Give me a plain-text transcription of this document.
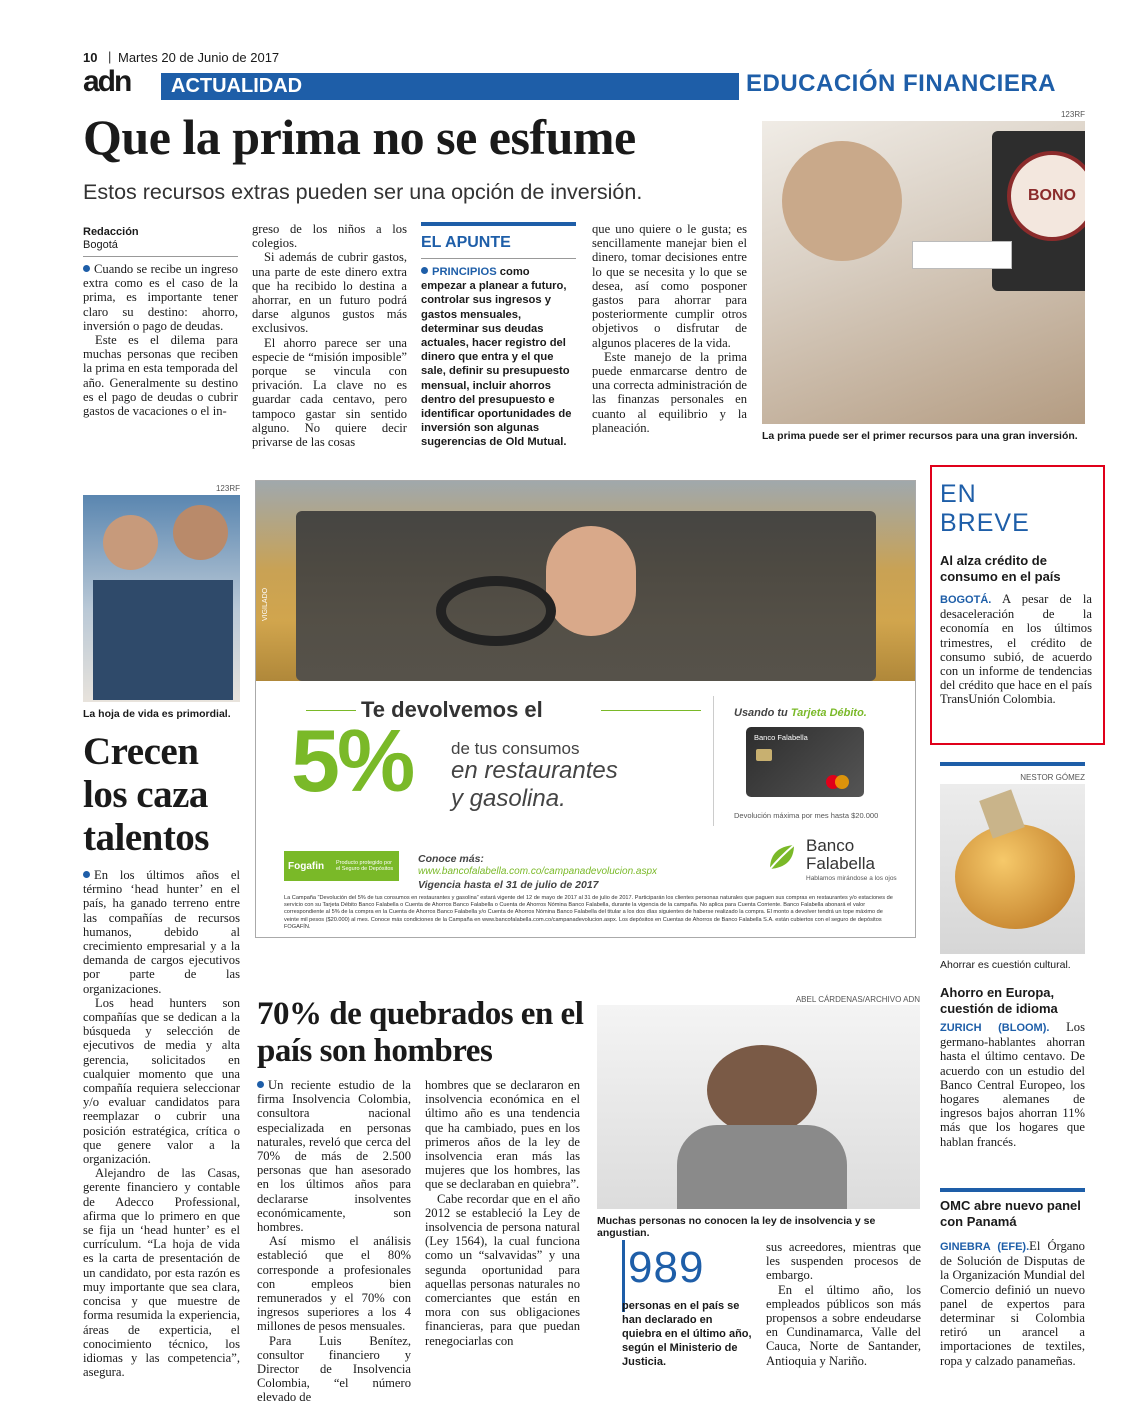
10 | Martes 20 de Junio de 2017
adn	ACTUALIDAD	EDUCACIÓN FINANCIERA
Que la prima no se esfume
Estos recursos extras pueden ser una opción de inversión.
Redacción
Bogotá

Cuando se recibe un ingreso extra como es el caso de la prima, es importante tener claro su destino: ahorro, inversión o pago de deudas.

Este es el dilema para muchas personas que reciben la prima en esta temporada del año. Generalmente su destino es el pago de deudas o cubrir gastos de vacaciones o el in-

greso de los niños a los colegios.

Si además de cubrir gastos, una parte de este dinero extra que ha recibido lo destina a ahorrar, en un futuro podrá darse algunos gustos más exclusivos.

El ahorro parece ser una especie de “misión imposible” porque se vincula con privación. La clave no es guardar cada centavo, pero tampoco gastar sin sentido alguno. No quiere decir privarse de las cosas

EL APUNTE
PRINCIPIOS como empezar a planear a futuro, controlar sus ingresos y gastos mensuales, determinar sus deudas actuales, hacer registro del dinero que entra y el que sale, definir su presupuesto mensual, incluir ahorros dentro del presupuesto e identificar oportunidades de inversión son algunas sugerencias de Old Mutual.

que uno quiere o le gusta; es sencillamente manejar bien el dinero, tomar decisiones entre lo que se necesita y lo que se desea, así como posponer gastos para ahorrar para posteriormente cumplir otros objetivos o disfrutar de algunos placeres de la vida.

Este manejo de la prima puede enmarcarse dentro de una correcta administración de las finanzas personales en cuanto al equilibrio y la planeación.

123RF
BONO
La prima puede ser el primer recursos para una gran inversión.
123RF
La hoja de vida es primordial.
Crecen los caza talentos

En los últimos años el término ‘head hunter’ en el país, ha ganado terreno entre las compañías de recursos humanos, debido al crecimiento empresarial y a la demanda de cargos ejecutivos por parte de las organizaciones.

Los head hunters son compañías que se dedican a la búsqueda y selección de ejecutivos de media y alta gerencia, solicitados en cualquier momento que una compañía requiera seleccionar y/o evaluar candidatos para reemplazar o cubrir una posición estratégica, crítica o que genere valor a la organización.

Alejandro de las Casas, gerente financiero y contable de Adecco Professional, afirma que lo primero en que se fija un ‘head hunter’ es el currículum. “La hoja de vida es la carta de presentación de un candidato, por esta razón es muy importante que sea clara, concisa y que muestre de forma resumida la experiencia, áreas de experticia, el conocimiento técnico, los idiomas y las competencia”, asegura.

VIGILADO
Te devolvemos el
5% de tus consumos
en restaurantes
y gasolina.
Usando tu Tarjeta Débito.
Banco Falabella
Devolución máxima por mes hasta $20.000
Fogafin	Producto protegido por el Seguro de Depósitos
Conoce más:
www.bancofalabella.com.co/campanadevolucion.aspx
Vigencia hasta el 31 de julio de 2017
Banco
Falabella
Hablamos mirándose a los ojos
La Campaña “Devolución del 5% de tus consumos en restaurantes y gasolina” estará vigente del 12 de mayo de 2017 al 31 de julio de 2017. Participarán los clientes personas naturales que paguen sus compras en restaurantes y/o estaciones de servicio con su Tarjeta Débito Banco Falabella o Cuenta de Ahorros Banco Falabella o Cuenta de Ahorros Nómina Banco Falabella, durante la vigencia de la campaña. No aplica para Cuenta Corriente. Banco Falabella abonará el valor correspondiente al 5% de la compra en la Cuenta de Ahorros Banco Falabella y/o Cuenta de Ahorros Nómina Banco Falabella del titular a los dos días siguientes de haberse realizado la compra. El monto a devolver tendrá un tope máximo de veinte mil pesos ($20.000) al mes. Conoce más condiciones de la Campaña en www.bancofalabella.com.co/campanadevolucion.aspx. Los depósitos en Cuentas de Ahorros de Banco Falabella S.A. están cubiertos con el seguro de depósitos FOGAFÍN.
70% de quebrados en el país son hombres

Un reciente estudio de la firma Insolvencia Colombia, consultora nacional especializada en personas naturales, reveló que cerca del 70% de más de 2.500 personas que han asesorado en los últimos años para declararse insolventes económicamente, son hombres.

Así mismo el análisis estableció que el 80% corresponde a profesionales con empleos bien remunerados y el 70% con ingresos superiores a los 4 millones de pesos mensuales.

Para Luis Benítez, consultor financiero y Director de Insolvencia Colombia, “el número elevado de

hombres que se declararon en insolvencia económica en el último año es una tendencia que ha cambiado, pues en los primeros años de la ley de insolvencia eran más las mujeres que los hombres, las que se declaraban en quiebra”.

Cabe recordar que en el año 2012 se estableció la Ley de insolvencia de persona natural (Ley 1564), la cual funciona como un “salvavidas” y una segunda oportunidad para aquellas personas naturales no comerciantes que están en mora con sus obligaciones financieras, para que puedan renegociarlas con

ABEL CÁRDENAS/ARCHIVO ADN
Muchas personas no conocen la ley de insolvencia y se angustian.
989
personas en el país se han declarado en quiebra en el último año, según el Ministerio de Justicia.

sus acreedores, mientras que les suspenden procesos de embargo.

En el último año, los empleados públicos son más propensos a sobre endeudarse en Cundinamarca, Valle del Cauca, Norte de Santander, Antioquia y Nariño.

EN
BREVE
Al alza crédito de consumo en el país

BOGOTÁ. A pesar de la desaceleración de la economía en los últimos trimestres, el crédito de consumo subió, de acuerdo con un informe de tendencias del crédito que hace en el país TransUnión Colombia.

NESTOR GÓMEZ
Ahorrar es cuestión cultural.
Ahorro en Europa, cuestión de idioma

ZURICH (BLOOM). Los germano-hablantes ahorran hasta el último centavo. De acuerdo con un estudio del Banco Central Europeo, los hogares alemanes de ingresos bajos ahorran 11% más que los hogares que hablan francés.

OMC abre nuevo panel con Panamá

GINEBRA (EFE).El Órgano de Solución de Disputas de la Organización Mundial del Comercio definió un nuevo panel de expertos para determinar si Colombia retiró un arancel a importaciones de textiles, ropa y calzado panameñas.
